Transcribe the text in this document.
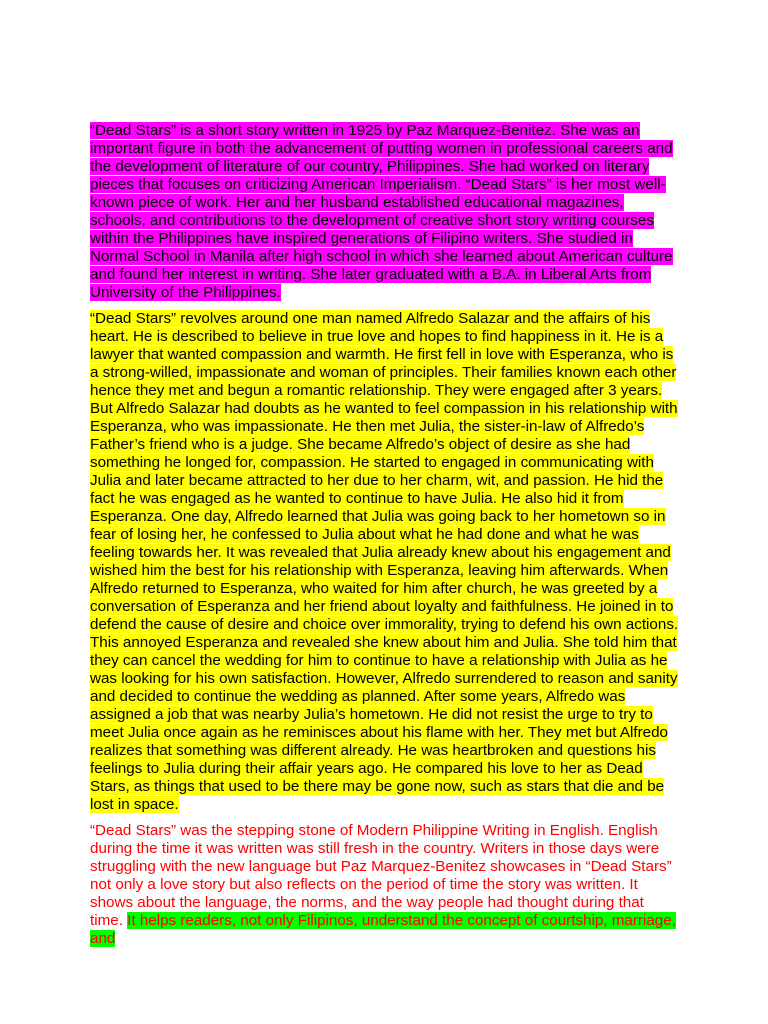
“Dead Stars” is a short story written in 1925 by Paz Marquez-Benitez. She was an important figure in both the advancement of putting women in professional careers and the development of literature of our country, Philippines. She had worked on literary pieces that focuses on criticizing American Imperialism. “Dead Stars” is her most well-known piece of work. Her and her husband established educational magazines, schools, and contributions to the development of creative short story writing courses within the Philippines have inspired generations of Filipino writers. She studied in Normal School in Manila after high school in which she learned about American culture and found her interest in writing. She later graduated with a B.A. in Liberal Arts from University of the Philippines.

“Dead Stars” revolves around one man named Alfredo Salazar and the affairs of his heart. He is described to believe in true love and hopes to find happiness in it. He is a lawyer that wanted compassion and warmth. He first fell in love with Esperanza, who is a strong-willed, impassionate and woman of principles. Their families known each other hence they met and begun a romantic relationship. They were engaged after 3 years. But Alfredo Salazar had doubts as he wanted to feel compassion in his relationship with Esperanza, who was impassionate. He then met Julia, the sister-in-law of Alfredo’s Father’s friend who is a judge. She became Alfredo’s object of desire as she had something he longed for, compassion. He started to engaged in communicating with Julia and later became attracted to her due to her charm, wit, and passion. He hid the fact he was engaged as he wanted to continue to have Julia. He also hid it from Esperanza. One day, Alfredo learned that Julia was going back to her hometown so in fear of losing her, he confessed to Julia about what he had done and what he was feeling towards her. It was revealed that Julia already knew about his engagement and wished him the best for his relationship with Esperanza, leaving him afterwards. When Alfredo returned to Esperanza, who waited for him after church, he was greeted by a conversation of Esperanza and her friend about loyalty and faithfulness. He joined in to defend the cause of desire and choice over immorality, trying to defend his own actions. This annoyed Esperanza and revealed she knew about him and Julia. She told him that they can cancel the wedding for him to continue to have a relationship with Julia as he was looking for his own satisfaction. However, Alfredo surrendered to reason and sanity and decided to continue the wedding as planned. After some years, Alfredo was assigned a job that was nearby Julia’s hometown. He did not resist the urge to try to meet Julia once again as he reminisces about his flame with her. They met but Alfredo realizes that something was different already. He was heartbroken and questions his feelings to Julia during their affair years ago. He compared his love to her as Dead Stars, as things that used to be there may be gone now, such as stars that die and be lost in space.

“Dead Stars” was the stepping stone of Modern Philippine Writing in English. English during the time it was written was still fresh in the country. Writers in those days were struggling with the new language but Paz Marquez-Benitez showcases in “Dead Stars” not only a love story but also reflects on the period of time the story was written. It shows about the language, the norms, and the way people had thought during that time. It helps readers, not only Filipinos, understand the concept of courtship, marriage, and
